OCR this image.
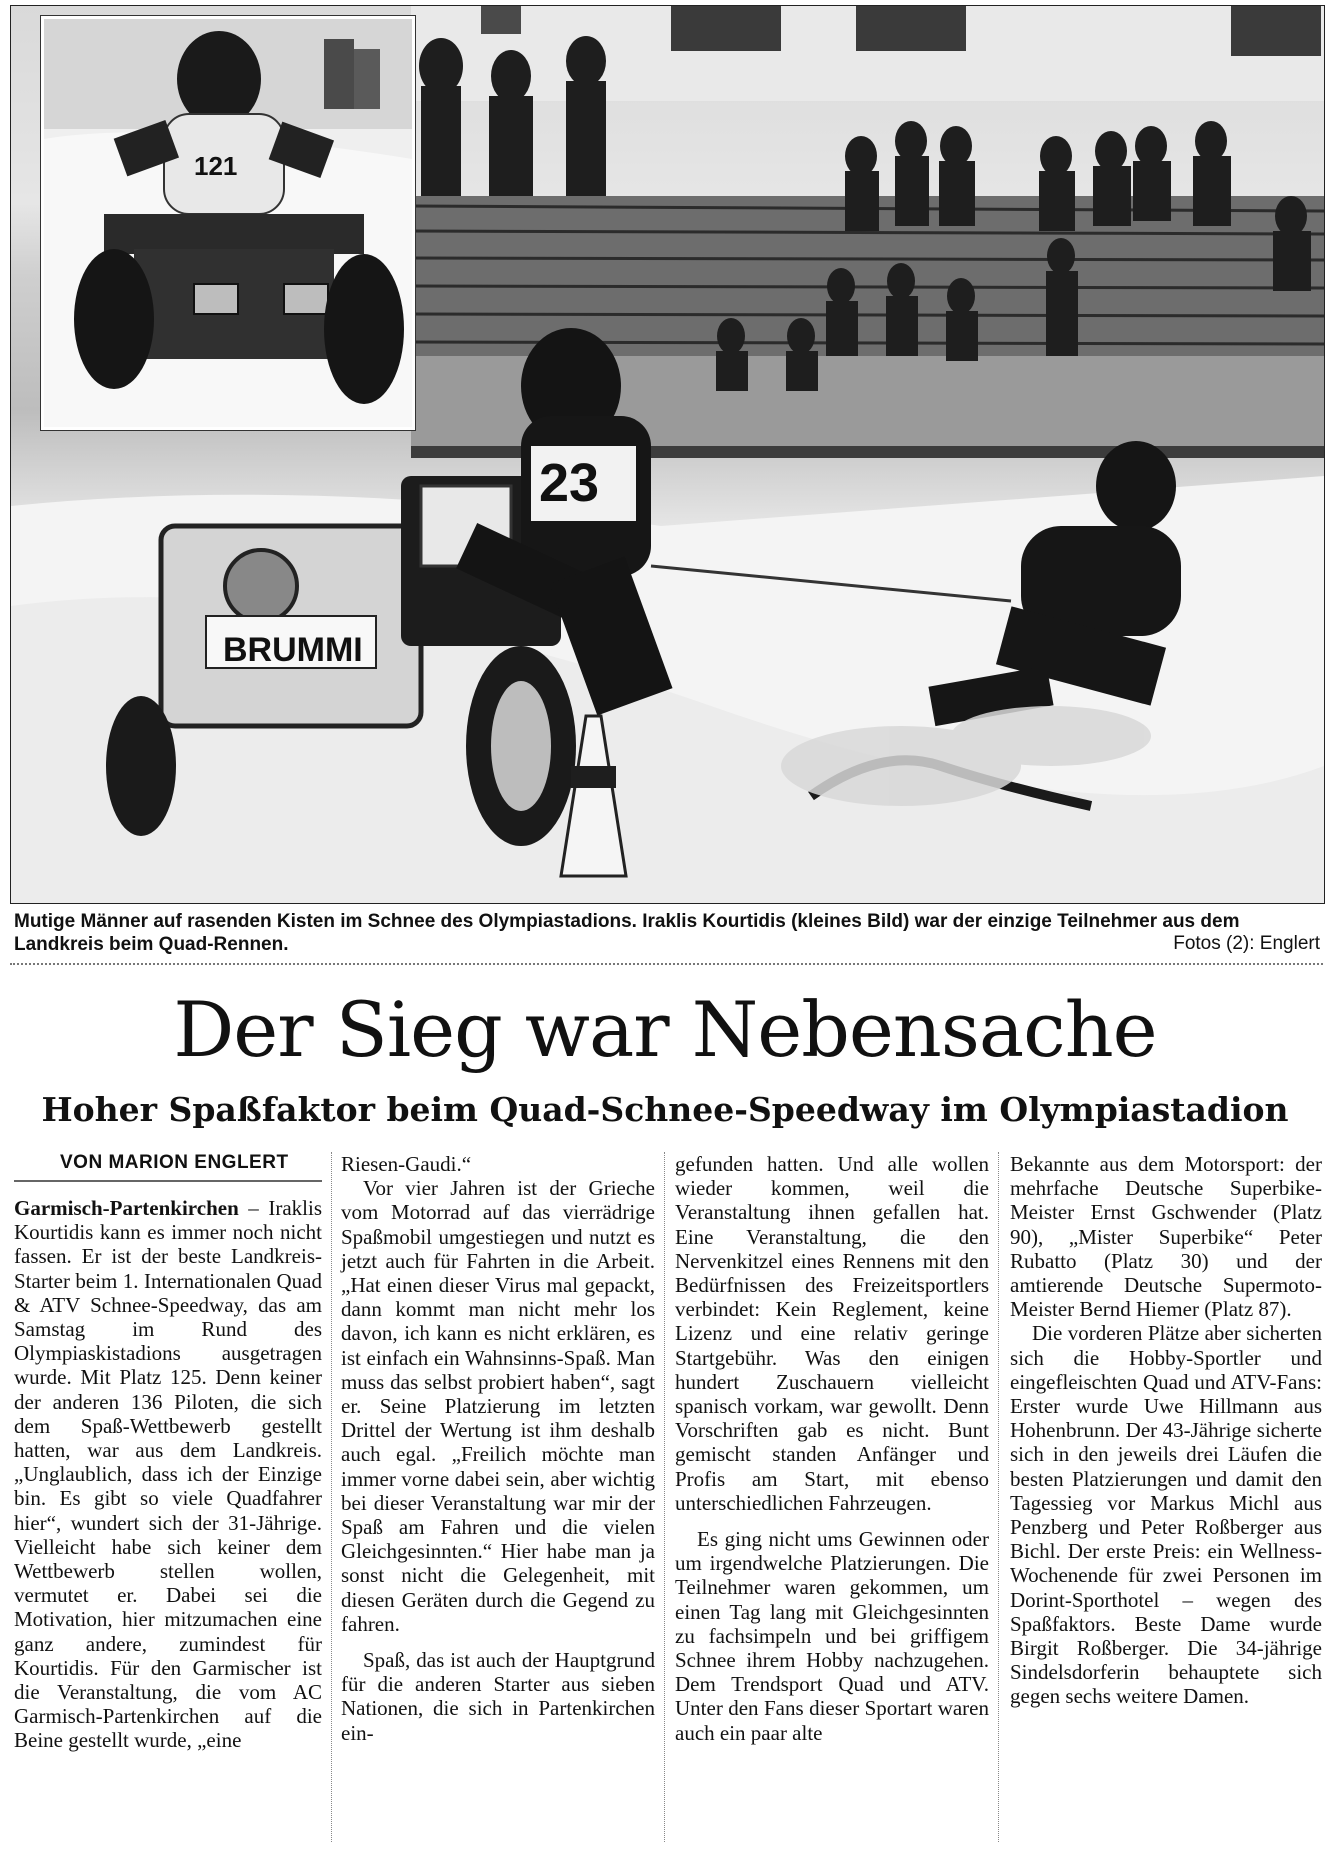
BRUMMI
23
121
Mutige Männer auf rasenden Kisten im Schnee des Olympiastadions. Iraklis Kourtidis (kleines Bild) war der einzige Teilnehmer aus dem Landkreis beim Quad-Rennen.	Fotos (2): Englert
Der Sieg war Nebensache
Hoher Spaßfaktor beim Quad-Schnee-Speedway im Olympiastadion
VON MARION ENGLERT

Garmisch-Partenkirchen – Iraklis Kourtidis kann es immer noch nicht fassen. Er ist der beste Landkreis-Starter beim 1. Internationalen Quad & ATV Schnee-Speedway, das am Samstag im Rund des Olympiaskistadions ausgetragen wurde. Mit Platz 125. Denn keiner der anderen 136 Piloten, die sich dem Spaß-Wettbewerb gestellt hatten, war aus dem Landkreis. „Unglaublich, dass ich der Einzige bin. Es gibt so viele Quadfahrer hier“, wundert sich der 31-Jährige. Vielleicht habe sich keiner dem Wettbewerb stellen wollen, vermutet er. Dabei sei die Motivation, hier mitzumachen eine ganz andere, zumindest für Kourtidis. Für den Garmischer ist die Veranstaltung, die vom AC Garmisch-Partenkirchen auf die Beine gestellt wurde, „eine

Riesen-Gaudi.“

Vor vier Jahren ist der Grieche vom Motorrad auf das vierrädrige Spaßmobil umgestiegen und nutzt es jetzt auch für Fahrten in die Arbeit. „Hat einen dieser Virus mal gepackt, dann kommt man nicht mehr los davon, ich kann es nicht erklären, es ist einfach ein Wahnsinns-Spaß. Man muss das selbst probiert haben“, sagt er. Seine Platzierung im letzten Drittel der Wertung ist ihm deshalb auch egal. „Freilich möchte man immer vorne dabei sein, aber wichtig bei dieser Veranstaltung war mir der Spaß am Fahren und die vielen Gleichgesinnten.“ Hier habe man ja sonst nicht die Gelegenheit, mit diesen Geräten durch die Gegend zu fahren.

Spaß, das ist auch der Hauptgrund für die anderen Starter aus sieben Nationen, die sich in Partenkirchen ein-

gefunden hatten. Und alle wollen wieder kommen, weil die Veranstaltung ihnen gefallen hat. Eine Veranstaltung, die den Nervenkitzel eines Rennens mit den Bedürfnissen des Freizeitsportlers verbindet: Kein Reglement, keine Lizenz und eine relativ geringe Startgebühr. Was den einigen hundert Zuschauern vielleicht spanisch vorkam, war gewollt. Denn Vorschriften gab es nicht. Bunt gemischt standen Anfänger und Profis am Start, mit ebenso unterschiedlichen Fahrzeugen.

Es ging nicht ums Gewinnen oder um irgendwelche Platzierungen. Die Teilnehmer waren gekommen, um einen Tag lang mit Gleichgesinnten zu fachsimpeln und bei griffigem Schnee ihrem Hobby nachzugehen. Dem Trendsport Quad und ATV. Unter den Fans dieser Sportart waren auch ein paar alte

Bekannte aus dem Motorsport: der mehrfache Deutsche Superbike-Meister Ernst Gschwender (Platz 90), „Mister Superbike“ Peter Rubatto (Platz 30) und der amtierende Deutsche Supermoto-Meister Bernd Hiemer (Platz 87).

Die vorderen Plätze aber sicherten sich die Hobby-Sportler und eingefleischten Quad und ATV-Fans: Erster wurde Uwe Hillmann aus Hohenbrunn. Der 43-Jährige sicherte sich in den jeweils drei Läufen die besten Platzierungen und damit den Tagessieg vor Markus Michl aus Penzberg und Peter Roßberger aus Bichl. Der erste Preis: ein Wellness-Wochenende für zwei Personen im Dorint-Sporthotel – wegen des Spaßfaktors. Beste Dame wurde Birgit Roßberger. Die 34-jährige Sindelsdorferin behauptete sich gegen sechs weitere Damen.
